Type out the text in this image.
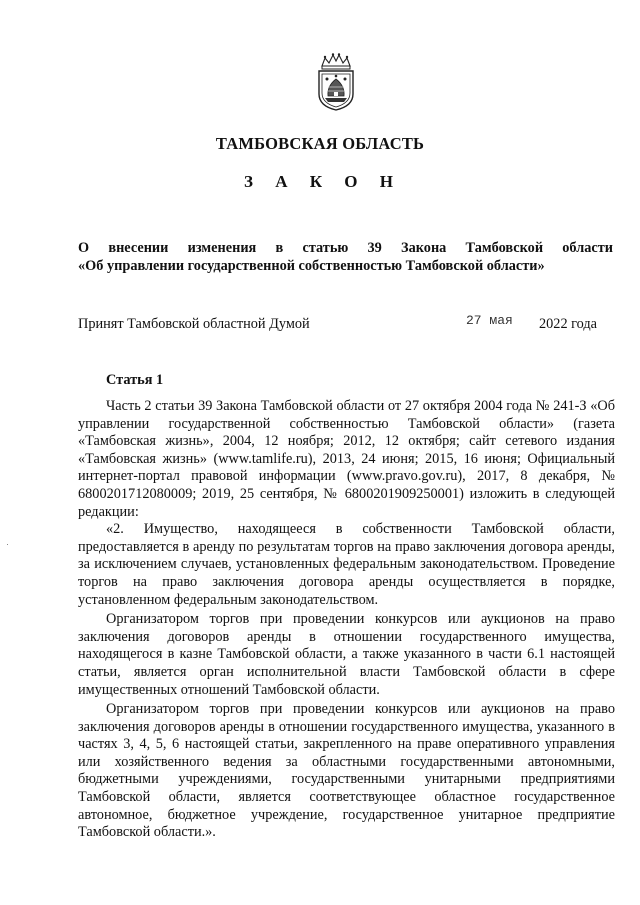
ТАМБОВСКАЯ ОБЛАСТЬ
З А К О Н
О внесении изменения в статью 39 Закона Тамбовской области
«Об управлении государственной собственностью Тамбовской области»
Принят Тамбовской областной Думой	27 мая 2022 года
Статья 1

Часть 2 статьи 39 Закона Тамбовской области от 27 октября 2004 года № 241-З «Об управлении государственной собственностью Тамбовской области» (газета «Тамбовская жизнь», 2004, 12 ноября; 2012, 12 октября; сайт сетевого издания «Тамбовская жизнь» (www.tamlife.ru), 2013, 24 июня; 2015, 16 июня; Официальный интернет-портал правовой информации (www.pravo.gov.ru), 2017, 8 декабря, № 6800201712080009; 2019, 25 сентября, № 6800201909250001) изложить в следующей редакции:

«2. Имущество, находящееся в собственности Тамбовской области, предоставляется в аренду по результатам торгов на право заключения договора аренды, за исключением случаев, установленных федеральным законодательством. Проведение торгов на право заключения договора аренды осуществляется в порядке, установленном федеральным законодательством.

Организатором торгов при проведении конкурсов или аукционов на право заключения договоров аренды в отношении государственного имущества, находящегося в казне Тамбовской области, а также указанного в части 6.1 настоящей статьи, является орган исполнительной власти Тамбовской области в сфере имущественных отношений Тамбовской области.

Организатором торгов при проведении конкурсов или аукционов на право заключения договоров аренды в отношении государственного имущества, указанного в частях 3, 4, 5, 6 настоящей статьи, закрепленного на праве оперативного управления или хозяйственного ведения за областными государственными автономными, бюджетными учреждениями, государственными унитарными предприятиями Тамбовской области, является соответствующее областное государственное автономное, бюджетное учреждение, государственное унитарное предприятие Тамбовской области.».
